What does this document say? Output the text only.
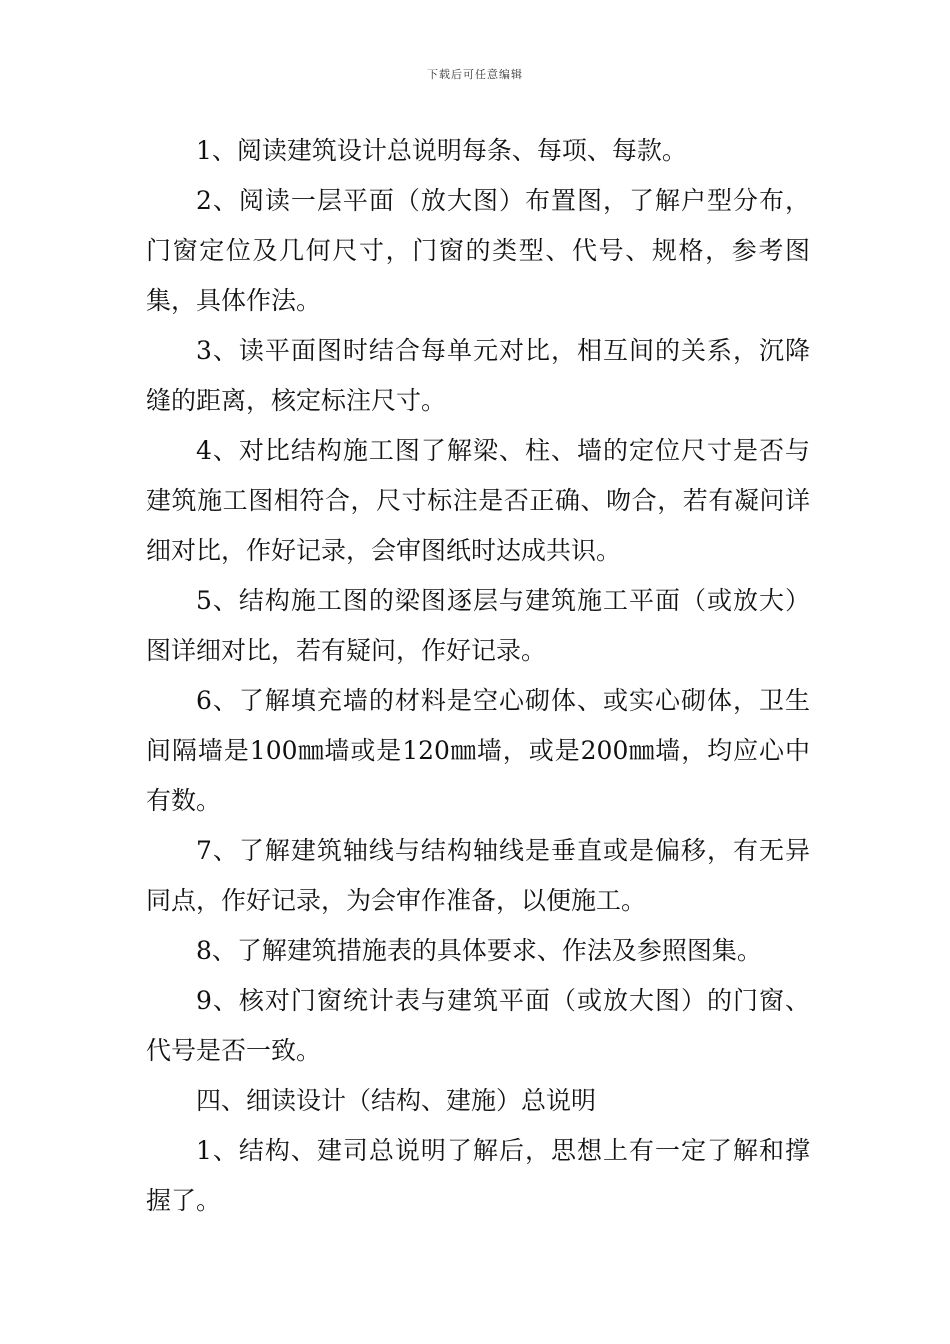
下载后可任意编辑

1、阅读建筑设计总说明每条、每项、每款。

2、阅读一层平面（放大图）布置图，了解户型分布，门窗定位及几何尺寸，门窗的类型、代号、规格，参考图集，具体作法。

3、读平面图时结合每单元对比，相互间的关系，沉降缝的距离，核定标注尺寸。

4、对比结构施工图了解梁、柱、墙的定位尺寸是否与建筑施工图相符合，尺寸标注是否正确、吻合，若有凝问详细对比，作好记录，会审图纸时达成共识。

5、结构施工图的梁图逐层与建筑施工平面（或放大）图详细对比，若有疑问，作好记录。

6、了解填充墙的材料是空心砌体、或实心砌体，卫生间隔墙是100㎜墙或是120㎜墙，或是200㎜墙，均应心中有数。

7、了解建筑轴线与结构轴线是垂直或是偏移，有无异同点，作好记录，为会审作准备，以便施工。

8、了解建筑措施表的具体要求、作法及参照图集。

9、核对门窗统计表与建筑平面（或放大图）的门窗、代号是否一致。

四、细读设计（结构、建施）总说明

1、结构、建司总说明了解后，思想上有一定了解和撑握了。
